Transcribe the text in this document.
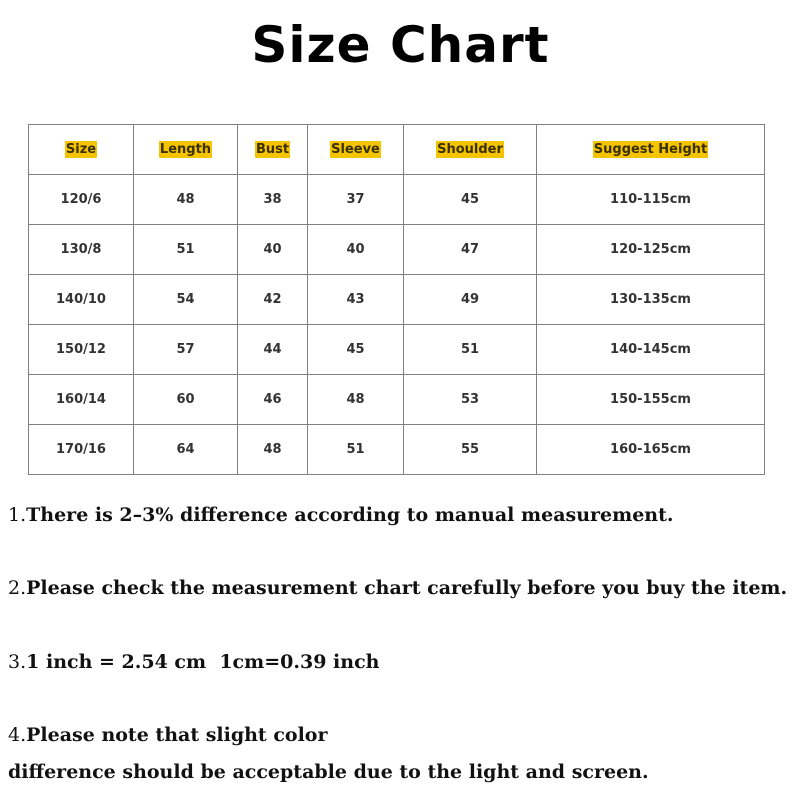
Size Chart
Size	Length	Bust	Sleeve	Shoulder	Suggest Height
120/6	48	38	37	45	110-115cm
130/8	51	40	40	47	120-125cm
140/10	54	42	43	49	130-135cm
150/12	57	44	45	51	140-145cm
160/14	60	46	48	53	150-155cm
170/16	64	48	51	55	160-165cm
1.There is 2–3% difference according to manual measurement.
2.Please check the measurement chart carefully before you buy the item.
3.1 inch = 2.54 cm  1cm=0.39 inch
4.Please note that slight color
difference should be acceptable due to the light and screen.
